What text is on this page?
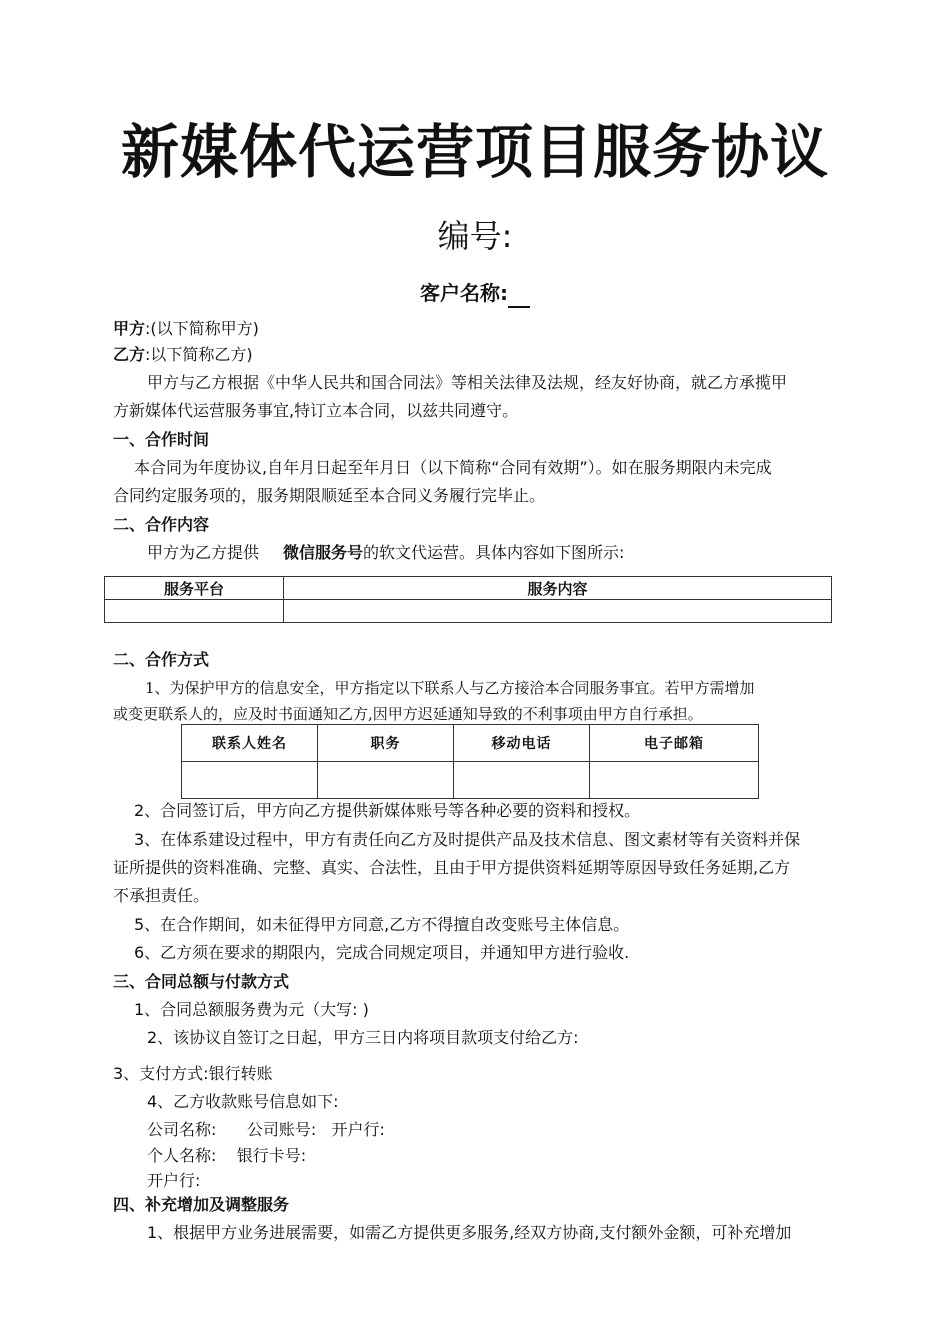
新媒体代运营项目服务协议
编号:
客户名称:
甲方:(以下简称甲方)
乙方:以下简称乙方)
甲方与乙方根据《中华人民共和国合同法》等相关法律及法规，经友好协商，就乙方承揽甲
方新媒体代运营服务事宜,特订立本合同，以兹共同遵守。
一、合作时间
本合同为年度协议,自年月日起至年月日（以下简称“合同有效期”）。如在服务期限内未完成
合同约定服务项的，服务期限顺延至本合同义务履行完毕止。
二、合作内容
甲方为乙方提供 微信服务号的软文代运营。具体内容如下图所示:
服务平台	服务内容

二、合作方式
1、为保护甲方的信息安全，甲方指定以下联系人与乙方接洽本合同服务事宜。若甲方需增加
或变更联系人的，应及时书面通知乙方,因甲方迟延通知导致的不利事项由甲方自行承担。
联系人姓名	职务	移动电话	电子邮箱

2、合同签订后，甲方向乙方提供新媒体账号等各种必要的资料和授权。
3、在体系建设过程中，甲方有责任向乙方及时提供产品及技术信息、图文素材等有关资料并保
证所提供的资料准确、完整、真实、合法性，且由于甲方提供资料延期等原因导致任务延期,乙方
不承担责任。
5、在合作期间，如未征得甲方同意,乙方不得擅自改变账号主体信息。
6、乙方须在要求的期限内，完成合同规定项目，并通知甲方进行验收.
三、合同总额与付款方式
1、合同总额服务费为元（大写: )
2、该协议自签订之日起，甲方三日内将项目款项支付给乙方:
3、支付方式:银行转账
4、乙方收款账号信息如下:
公司名称:      公司账号:   开户行:
个人名称:    银行卡号:
开户行:
四、补充增加及调整服务
1、根据甲方业务进展需要，如需乙方提供更多服务,经双方协商,支付额外金额，可补充增加
